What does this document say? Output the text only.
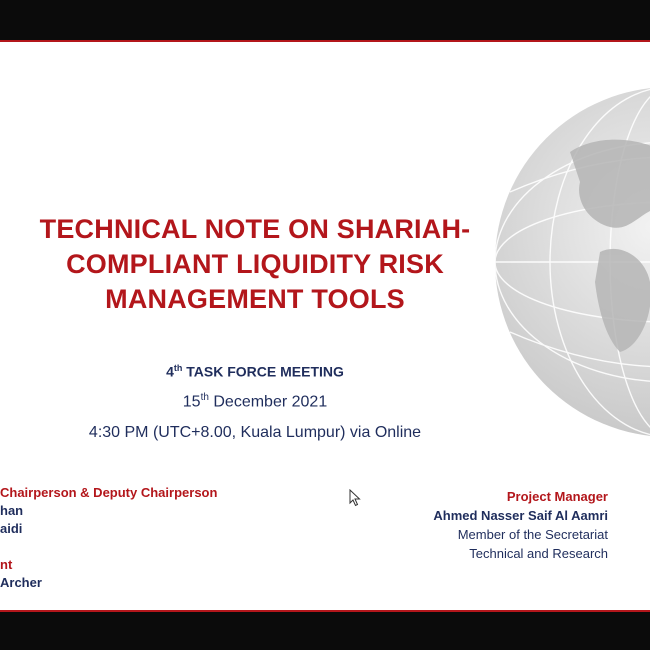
TECHNICAL NOTE ON SHARIAH-
COMPLIANT LIQUIDITY RISK
MANAGEMENT TOOLS
4th TASK FORCE MEETING
15th December 2021
4:30 PM (UTC+8.00, Kuala Lumpur) via Online
Chairperson & Deputy Chairperson
han
aidi
nt
Archer
Project Manager
Ahmed Nasser Saif Al Aamri
Member of the Secretariat
Technical and Research
